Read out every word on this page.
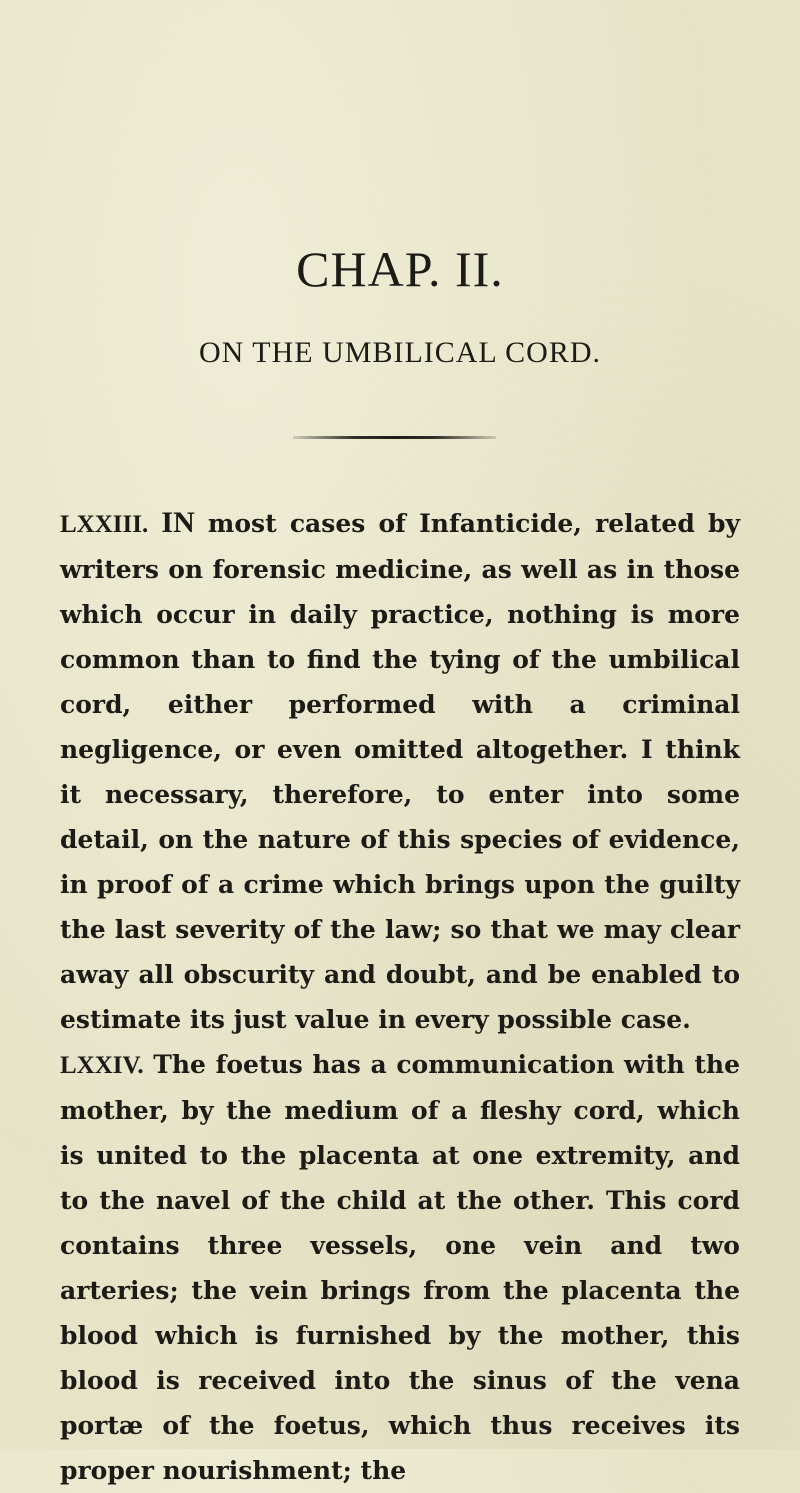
CHAP. II.
ON THE UMBILICAL CORD.

LXXIII. IN most cases of Infanticide, related by writers on forensic medicine, as well as in those which occur in daily practice, nothing is more common than to find the tying of the umbilical cord, either performed with a criminal negligence, or even omitted altogether. I think it necessary, therefore, to enter into some detail, on the nature of this species of evidence, in proof of a crime which brings upon the guilty the last severity of the law; so that we may clear away all obscurity and doubt, and be enabled to estimate its just value in every possible case.

LXXIV. The foetus has a communication with the mother, by the medium of a fleshy cord, which is united to the placenta at one extremity, and to the navel of the child at the other. This cord contains three vessels, one vein and two arteries; the vein brings from the placenta the blood which is furnished by the mother, this blood is received into the sinus of the vena portæ of the foetus, which thus receives its proper nourishment; the
